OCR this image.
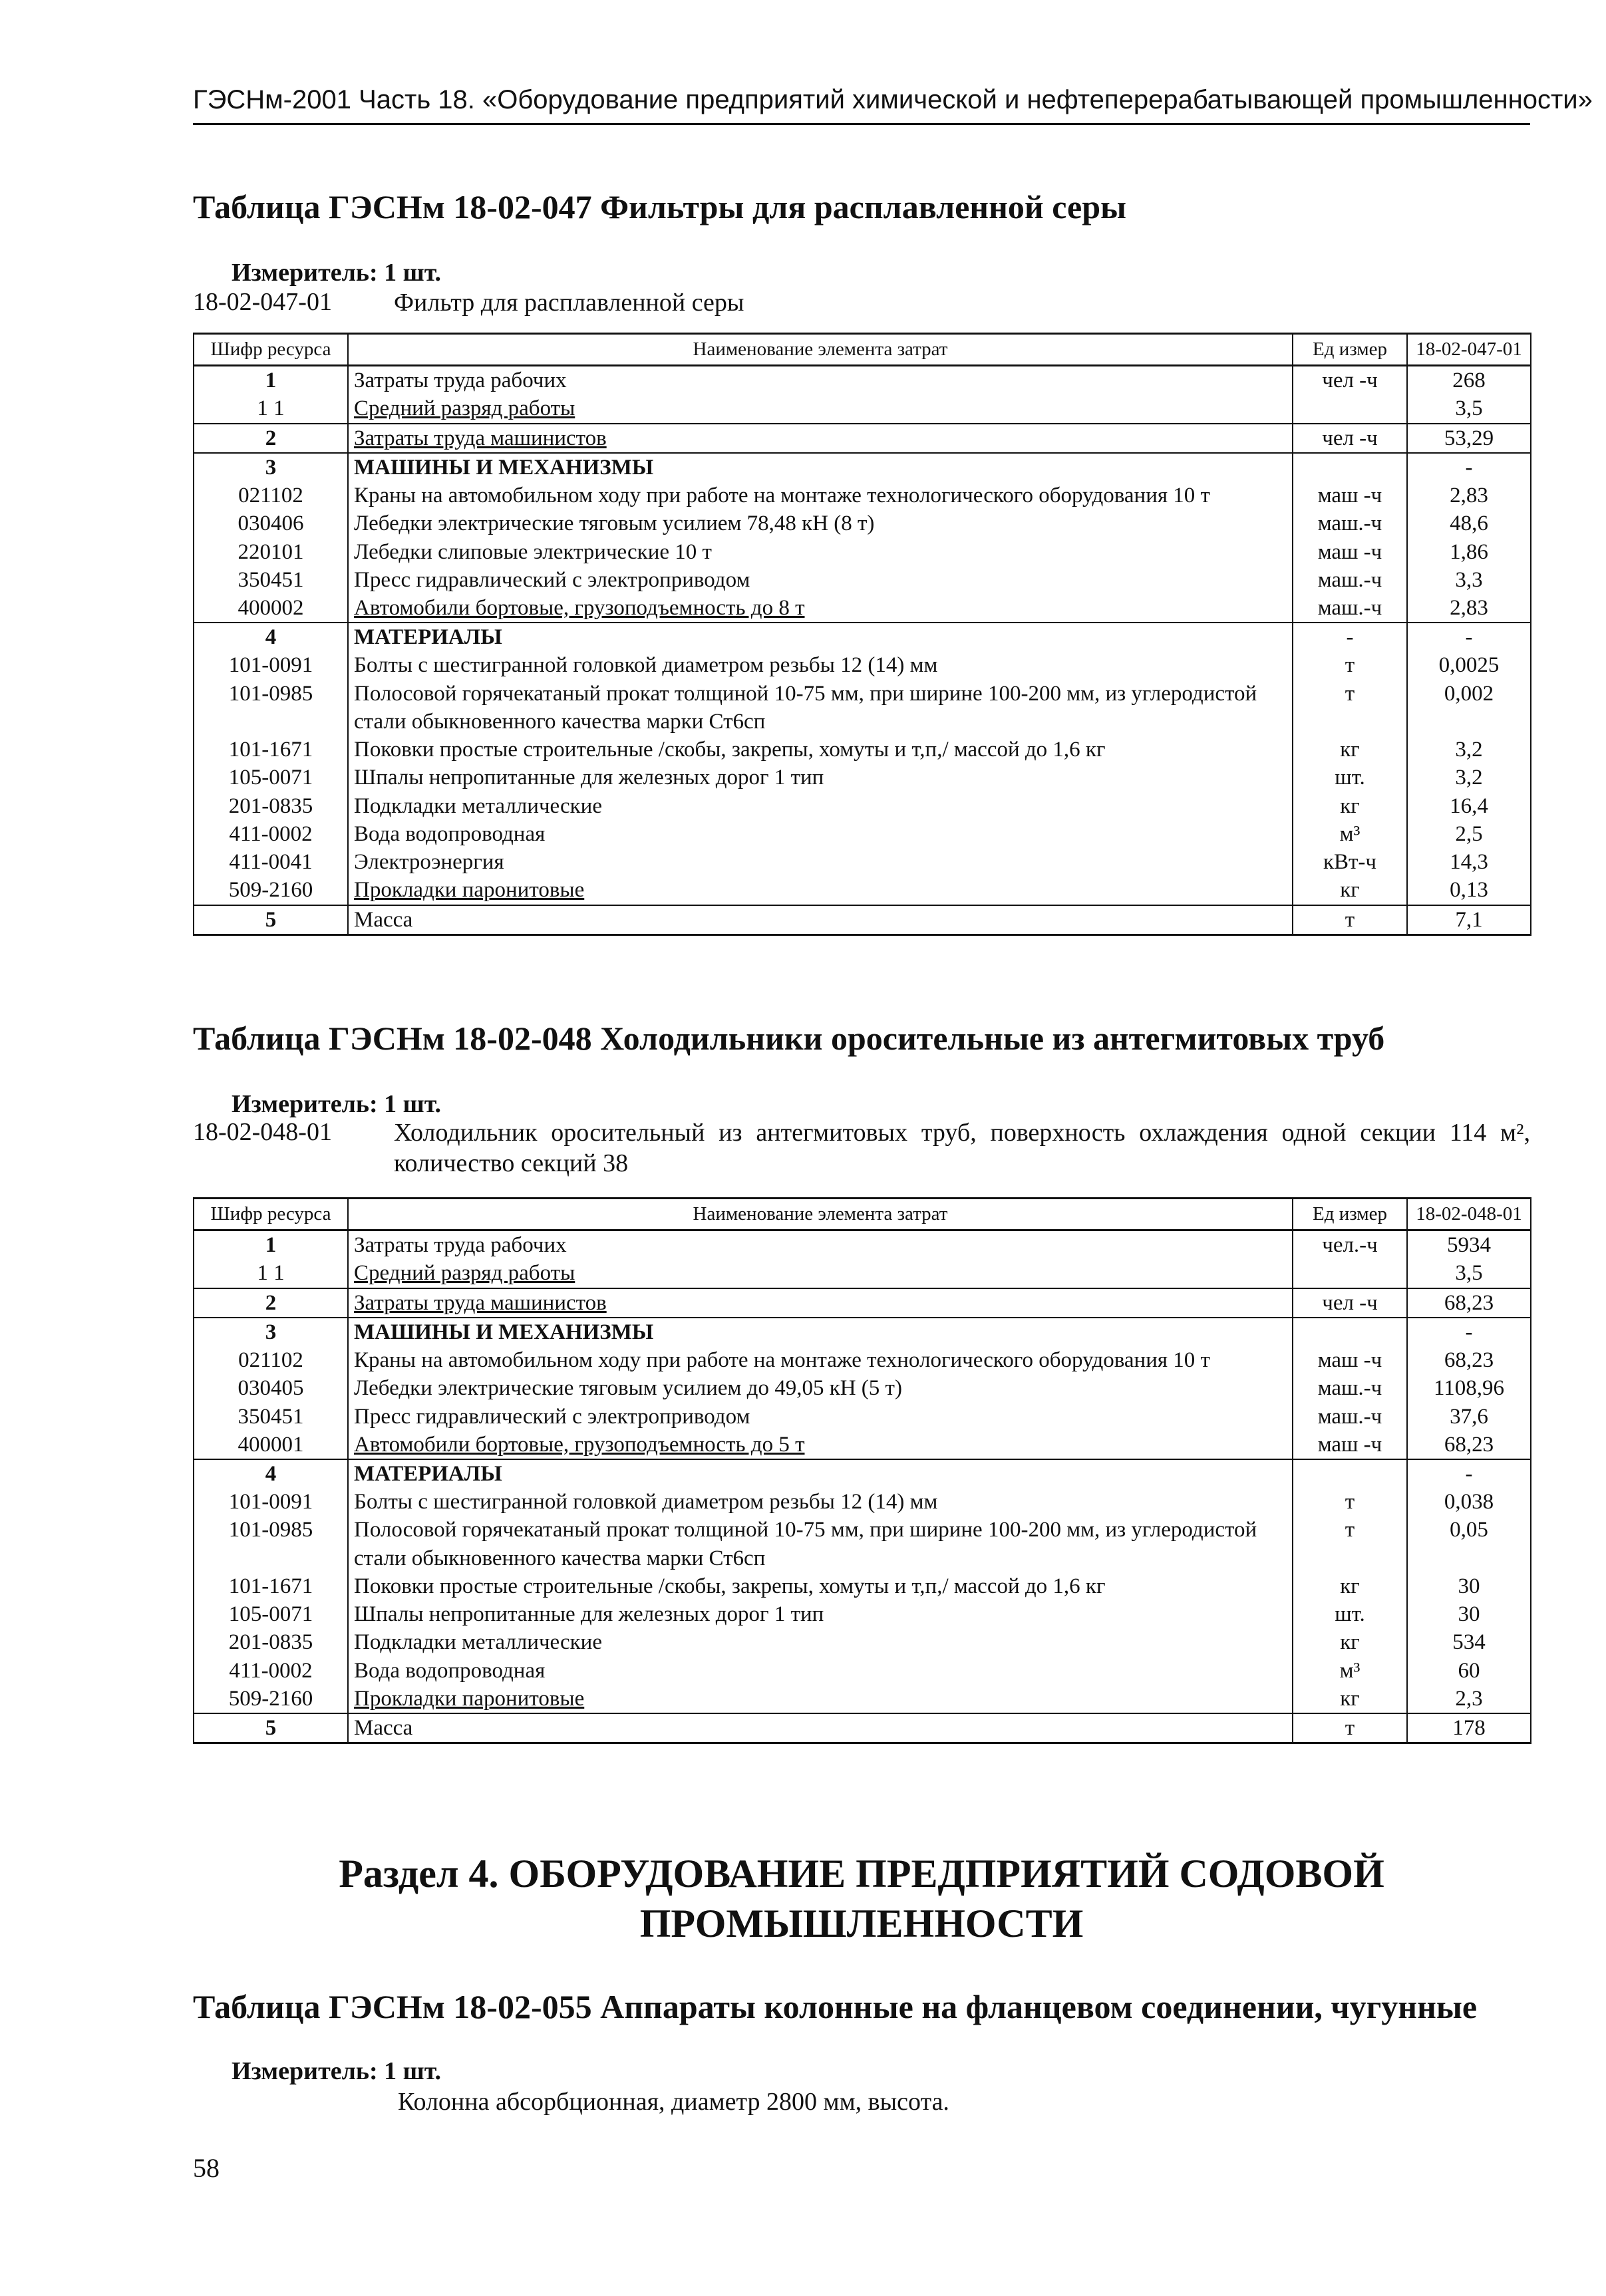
ГЭСНм-2001 Часть 18. «Оборудование предприятий химической и нефтеперерабатывающей промышленности»
Таблица ГЭСНм 18-02-047 Фильтры для расплавленной серы
Измеритель: 1 шт.
18-02-047-01 Фильтр для расплавленной серы
Шифр ресурса	Наименование элемента затрат	Ед измер	18-02-047-01
1	Затраты труда рабочих	чел -ч	268
1 1	Средний разряд работы		3,5
2	Затраты труда машинистов	чел -ч	53,29
3	МАШИНЫ И МЕХАНИЗМЫ		-
021102	Краны на автомобильном ходу при работе на монтаже технологического оборудования 10 т	маш -ч	2,83
030406	Лебедки электрические тяговым усилием 78,48 кН (8 т)	маш.-ч	48,6
220101	Лебедки слиповые электрические 10 т	маш -ч	1,86
350451	Пресс гидравлический с электроприводом	маш.-ч	3,3
400002	Автомобили бортовые, грузоподъемность до 8 т	маш.-ч	2,83
4	МАТЕРИАЛЫ	-	-
101-0091	Болты с шестигранной головкой диаметром резьбы 12 (14) мм	т	0,0025
101-0985	Полосовой горячекатаный прокат толщиной 10-75 мм, при ширине 100-200 мм, из углеродистой стали обыкновенного качества марки Ст6сп	т	0,002
101-1671	Поковки простые строительные /скобы, закрепы, хомуты и т,п,/ массой до 1,6 кг	кг	3,2
105-0071	Шпалы непропитанные для железных дорог 1 тип	шт.	3,2
201-0835	Подкладки металлические	кг	16,4
411-0002	Вода водопроводная	м³	2,5
411-0041	Электроэнергия	кВт-ч	14,3
509-2160	Прокладки паронитовые	кг	0,13
5	Масса	т	7,1
Таблица ГЭСНм 18-02-048 Холодильники оросительные из антегмитовых труб
Измеритель: 1 шт.
18-02-048-01 Холодильник оросительный из антегмитовых труб, поверхность охлаждения одной секции 114 м², количество секций 38
Шифр ресурса	Наименование элемента затрат	Ед измер	18-02-048-01
1	Затраты труда рабочих	чел.-ч	5934
1 1	Средний разряд работы		3,5
2	Затраты труда машинистов	чел -ч	68,23
3	МАШИНЫ И МЕХАНИЗМЫ		-
021102	Краны на автомобильном ходу при работе на монтаже технологического оборудования 10 т	маш -ч	68,23
030405	Лебедки электрические тяговым усилием до 49,05 кН (5 т)	маш.-ч	1108,96
350451	Пресс гидравлический с электроприводом	маш.-ч	37,6
400001	Автомобили бортовые, грузоподъемность до 5 т	маш -ч	68,23
4	МАТЕРИАЛЫ		-
101-0091	Болты с шестигранной головкой диаметром резьбы 12 (14) мм	т	0,038
101-0985	Полосовой горячекатаный прокат толщиной 10-75 мм, при ширине 100-200 мм, из углеродистой стали обыкновенного качества марки Ст6сп	т	0,05
101-1671	Поковки простые строительные /скобы, закрепы, хомуты и т,п,/ массой до 1,6 кг	кг	30
105-0071	Шпалы непропитанные для железных дорог 1 тип	шт.	30
201-0835	Подкладки металлические	кг	534
411-0002	Вода водопроводная	м³	60
509-2160	Прокладки паронитовые	кг	2,3
5	Масса	т	178
Раздел 4. ОБОРУДОВАНИЕ ПРЕДПРИЯТИЙ СОДОВОЙ
ПРОМЫШЛЕННОСТИ
Таблица ГЭСНм 18-02-055 Аппараты колонные на фланцевом соединении, чугунные
Измеритель: 1 шт.
Колонна абсорбционная, диаметр 2800 мм, высота.
58
